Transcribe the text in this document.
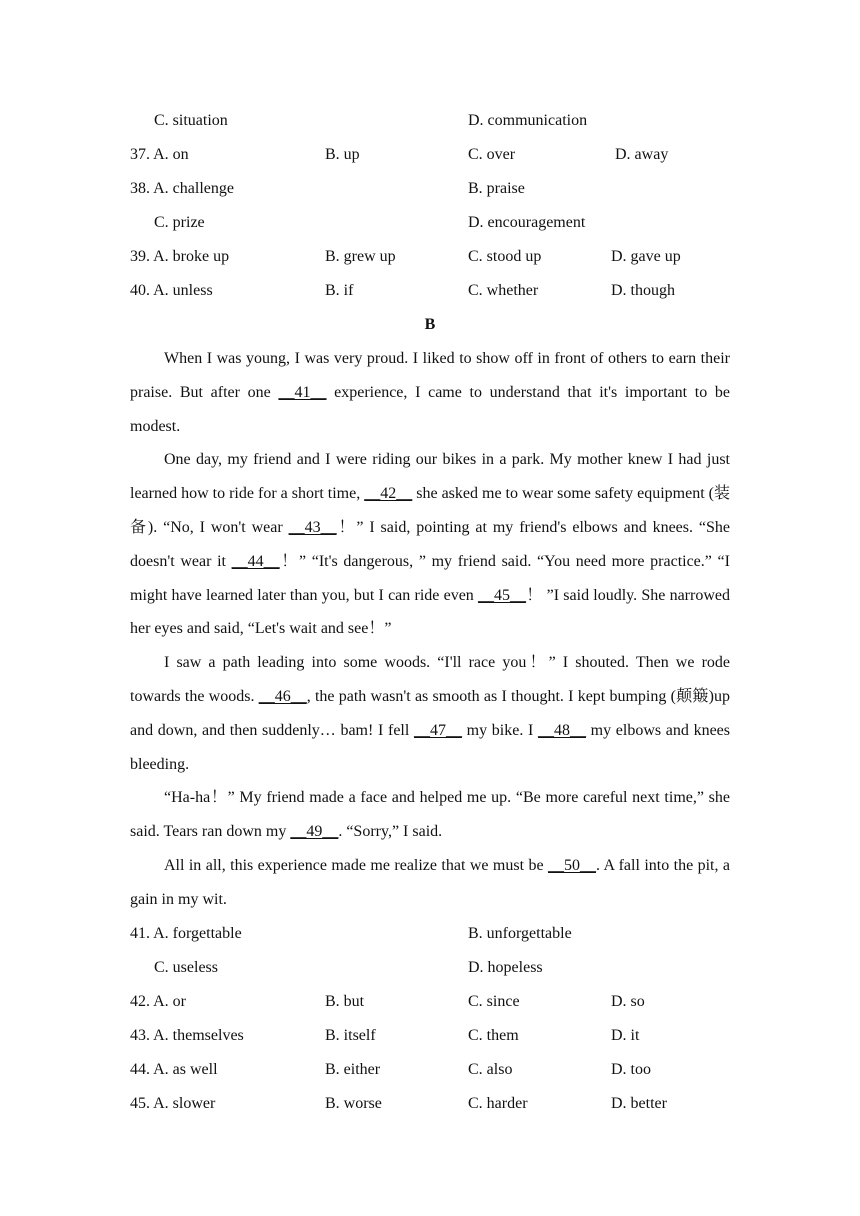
C. situation	D. communication
37. A. on	B. up	C. over	D. away
38. A. challenge	B. praise
C. prize	D. encouragement
39. A. broke up	B. grew up	C. stood up	D. gave up
40. A. unless	B. if	C. whether	D. though
B

When I was young, I was very proud. I liked to show off in front of others to earn their praise. But after one __41__ experience, I came to understand that it's important to be modest.

One day, my friend and I were riding our bikes in a park. My mother knew I had just learned how to ride for a short time, __42__ she asked me to wear some safety equipment (装备). “No, I won't wear __43__！” I said, pointing at my friend's elbows and knees. “She doesn't wear it __44__！” “It's dangerous, ” my friend said. “You need more practice.” “I might have learned later than you, but I can ride even __45__！ ”I said loudly. She narrowed her eyes and said, “Let's wait and see！”

I saw a path leading into some woods. “I'll race you！” I shouted. Then we rode towards the woods. __46__, the path wasn't as smooth as I thought. I kept bumping (颠簸)up and down, and then suddenly… bam! I fell __47__ my bike. I __48__ my elbows and knees bleeding.

“Ha-ha！” My friend made a face and helped me up. “Be more careful next time,” she said. Tears ran down my __49__. “Sorry,” I said.

All in all, this experience made me realize that we must be __50__. A fall into the pit, a gain in my wit.

41. A. forgettable	B. unforgettable
C. useless	D. hopeless
42. A. or	B. but	C. since	D. so
43. A. themselves	B. itself	C. them	D. it
44. A. as well	B. either	C. also	D. too
45. A. slower	B. worse	C. harder	D. better
